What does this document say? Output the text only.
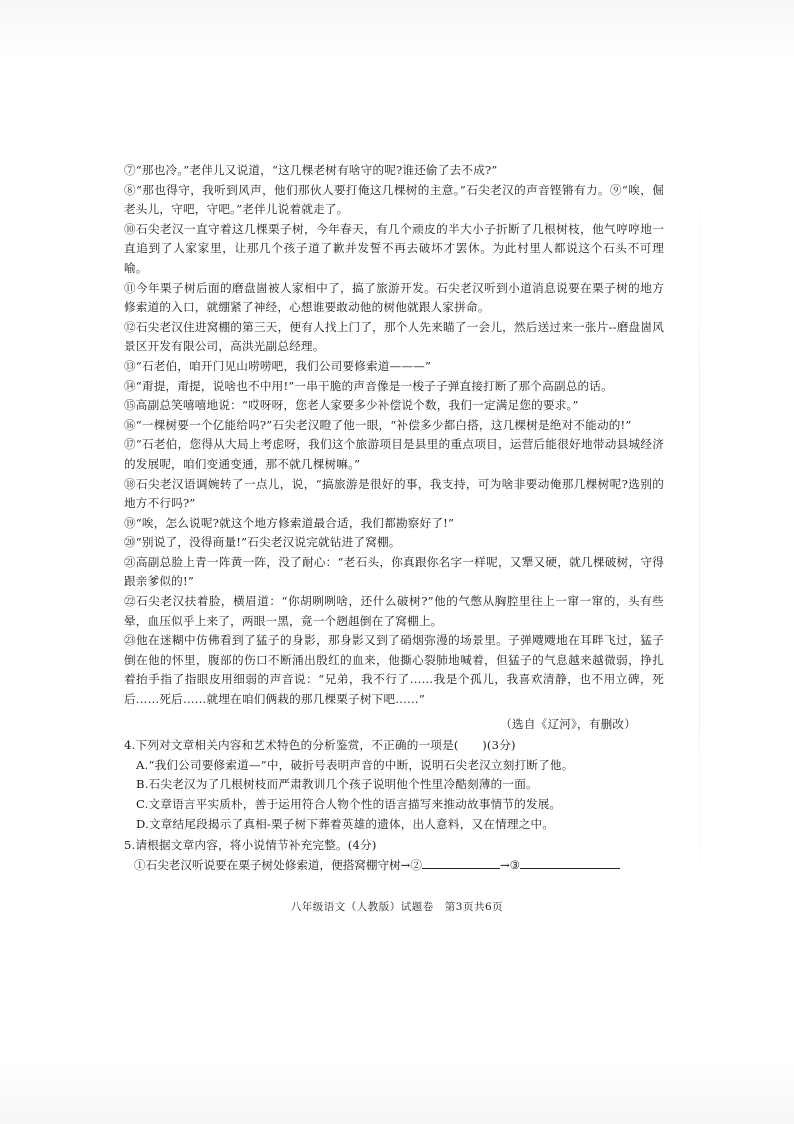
⑦“那也冷。”老伴儿又说道，“这几棵老树有啥守的呢?谁还偷了去不成?”

⑧“那也得守，我听到风声，他们那伙人要打俺这几棵树的主意。”石尖老汉的声音铿锵有力。⑨“唉，倔老头儿，守吧，守吧。”老伴儿说着就走了。

⑩石尖老汉一直守着这几棵栗子树，今年春天，有几个顽皮的半大小子折断了几根树枝，他气哼哼地一直追到了人家家里，让那几个孩子道了歉并发誓不再去破坏才罢休。为此村里人都说这个石头不可理喻。

⑪今年栗子树后面的磨盘崮被人家相中了，搞了旅游开发。石尖老汉听到小道消息说要在栗子树的地方修索道的入口，就绷紧了神经，心想谁要敢动他的树他就跟人家拼命。

⑫石尖老汉住进窝棚的第三天，便有人找上门了，那个人先来瞄了一会儿，然后送过来一张片--磨盘崮风景区开发有限公司，高洪光副总经理。

⑬“石老伯，咱开门见山唠唠吧，我们公司要修索道———”

⑭“甭提，甭提，说啥也不中用!”一串干脆的声音像是一梭子子弹直接打断了那个高副总的话。

⑮高副总笑嘻嘻地说：“哎呀呀，您老人家要多少补偿说个数，我们一定满足您的要求。”

⑯“一棵树要一个亿能给吗?”石尖老汉瞪了他一眼，“补偿多少都白搭，这几棵树是绝对不能动的!”

⑰“石老伯，您得从大局上考虑呀，我们这个旅游项目是县里的重点项目，运营后能很好地带动县城经济的发展呢，咱们变通变通，那不就几棵树嘛。”

⑱石尖老汉语调婉转了一点儿，说，“搞旅游是很好的事，我支持，可为啥非要动俺那几棵树呢?选别的地方不行吗?”

⑲“唉，怎么说呢?就这个地方修索道最合适，我们都勘察好了!”

⑳“别说了，没得商量!”石尖老汉说完就钻进了窝棚。

㉑高副总脸上青一阵黄一阵，没了耐心：“老石头，你真跟你名字一样呢，又犟又硬，就几棵破树，守得跟亲爹似的!”

㉒石尖老汉扶着脸，横眉道：“你胡咧咧啥，还什么破树?”他的气憋从胸腔里往上一窜一窜的，头有些晕，血压似乎上来了，两眼一黑，竟一个趔趄倒在了窝棚上。

㉓他在迷糊中仿佛看到了猛子的身影，那身影又到了硝烟弥漫的场景里。子弹飕飕地在耳畔飞过，猛子倒在他的怀里，腹部的伤口不断涌出殷红的血来，他撕心裂肺地喊着，但猛子的气息越来越微弱，挣扎着抬手指了指眼皮用细弱的声音说：“兄弟，我不行了……我是个孤儿，我喜欢清静，也不用立碑，死后……死后……就埋在咱们俩栽的那几棵栗子树下吧……”

（选自《辽河》，有删改）

4.下列对文章相关内容和艺术特色的分析鉴赏，不正确的一项是(　　)(3分)

A.“我们公司要修索道—”中，破折号表明声音的中断，说明石尖老汉立刻打断了他。

B.石尖老汉为了几根树枝而严肃教训几个孩子说明他个性里冷酷刻薄的一面。

C.文章语言平实质朴，善于运用符合人物个性的语言描写来推动故事情节的发展。

D.文章结尾段揭示了真相-栗子树下葬着英雄的遗体，出人意料，又在情理之中。

5.请根据文章内容，将小说情节补充完整。(4分)

①石尖老汉听说要在栗子树处修索道，便搭窝棚守树→②	→③

八年级语文（人教版）试题卷　第3页共6页
